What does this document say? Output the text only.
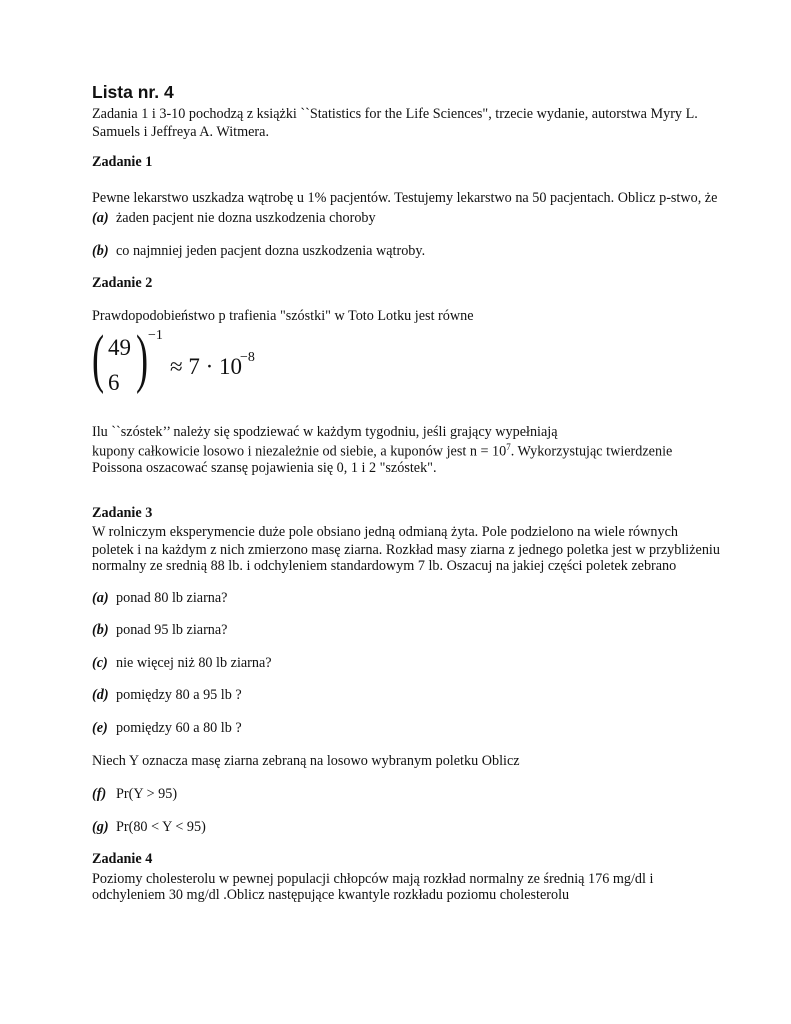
Lista nr. 4
Zadania 1 i 3-10 pochodzą z książki ``Statistics for the Life Sciences", trzecie wydanie, autorstwa Myry L.
Samuels i Jeffreya A. Witmera.
Zadanie 1
Pewne lekarstwo uszkadza wątrobę u 1% pacjentów. Testujemy lekarstwo na 50 pacjentach. Oblicz p-stwo, że
(a) żaden pacjent nie dozna uszkodzenia choroby
(b) co najmniej jeden pacjent dozna uszkodzenia wątroby.
Zadanie 2
Prawdopodobieństwo p trafienia "szóstki" w Toto Lotku jest równe
( 49
6 ) −1
≈ 7 · 10
−8
Ilu ``szóstek’’ należy się spodziewać w każdym tygodniu, jeśli grający wypełniają
kupony całkowicie losowo i niezależnie od siebie, a kuponów jest $n = 10^7$. Wykorzystując twierdzenie
Poissona oszacować szansę pojawienia się 0, 1 i 2 "szóstek".
Zadanie 3
W rolniczym eksperymencie duże pole obsiano jedną odmianą żyta. Pole podzielono na wiele równych
poletek i na każdym z nich zmierzono masę ziarna. Rozkład masy ziarna z jednego poletka jest w przybliżeniu
normalny ze srednią 88 lb. i odchyleniem standardowym 7 lb. Oszacuj na jakiej części poletek zebrano
(a) ponad 80 lb ziarna?
(b) ponad 95 lb ziarna?
(c) nie więcej niż 80 lb ziarna?
(d) pomiędzy 80 a 95 lb ?
(e) pomiędzy 60 a 80 lb ?
Niech Y oznacza masę ziarna zebraną na losowo wybranym poletku Oblicz
(f) Pr(Y > 95)
(g) Pr(80 < Y < 95)
Zadanie 4
Poziomy cholesterolu w pewnej populacji chłopców mają rozkład normalny ze średnią 176 mg/dl i
odchyleniem 30 mg/dl .Oblicz następujące kwantyle rozkładu poziomu cholesterolu
